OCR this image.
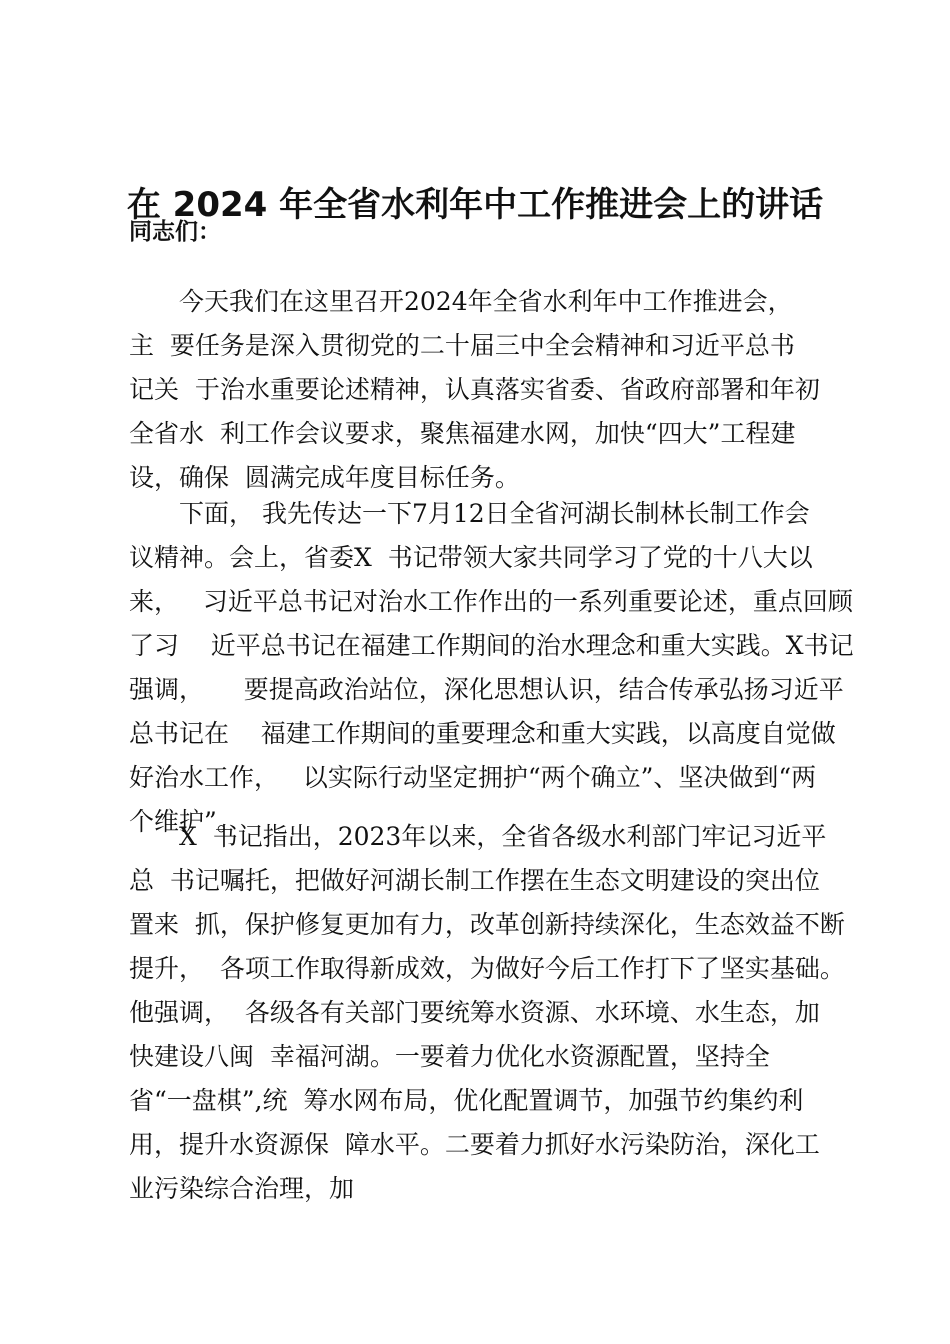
在 2024 年全省水利年中工作推进会上的讲话
同志们：
今天我们在这里召开2024年全省水利年中工作推进会，
主  要任务是深入贯彻党的二十届三中全会精神和习近平总书
记关  于治水重要论述精神，认真落实省委、省政府部署和年初
全省水  利工作会议要求，聚焦福建水网，加快“四大”工程建
设，确保  圆满完成年度目标任务。
下面， 我先传达一下7月12日全省河湖长制林长制工作会
议精神。会上，省委X  书记带领大家共同学习了党的十八大以
来，   习近平总书记对治水工作作出的一系列重要论述，重点回顾
了习    近平总书记在福建工作期间的治水理念和重大实践。X书记
强调，     要提高政治站位，深化思想认识，结合传承弘扬习近平
总书记在    福建工作期间的重要理念和重大实践，以高度自觉做
好治水工作，   以实际行动坚定拥护“两个确立”、坚决做到“两
个维护”。
X  书记指出，2023年以来，全省各级水利部门牢记习近平
总  书记嘱托，把做好河湖长制工作摆在生态文明建设的突出位
置来  抓，保护修复更加有力，改革创新持续深化，生态效益不断
提升，  各项工作取得新成效，为做好今后工作打下了坚实基础。
他强调，  各级各有关部门要统筹水资源、水环境、水生态，加
快建设八闽  幸福河湖。一要着力优化水资源配置，坚持全
省“一盘棋”,统  筹水网布局，优化配置调节，加强节约集约利
用，提升水资源保  障水平。二要着力抓好水污染防治，深化工
业污染综合治理，加
